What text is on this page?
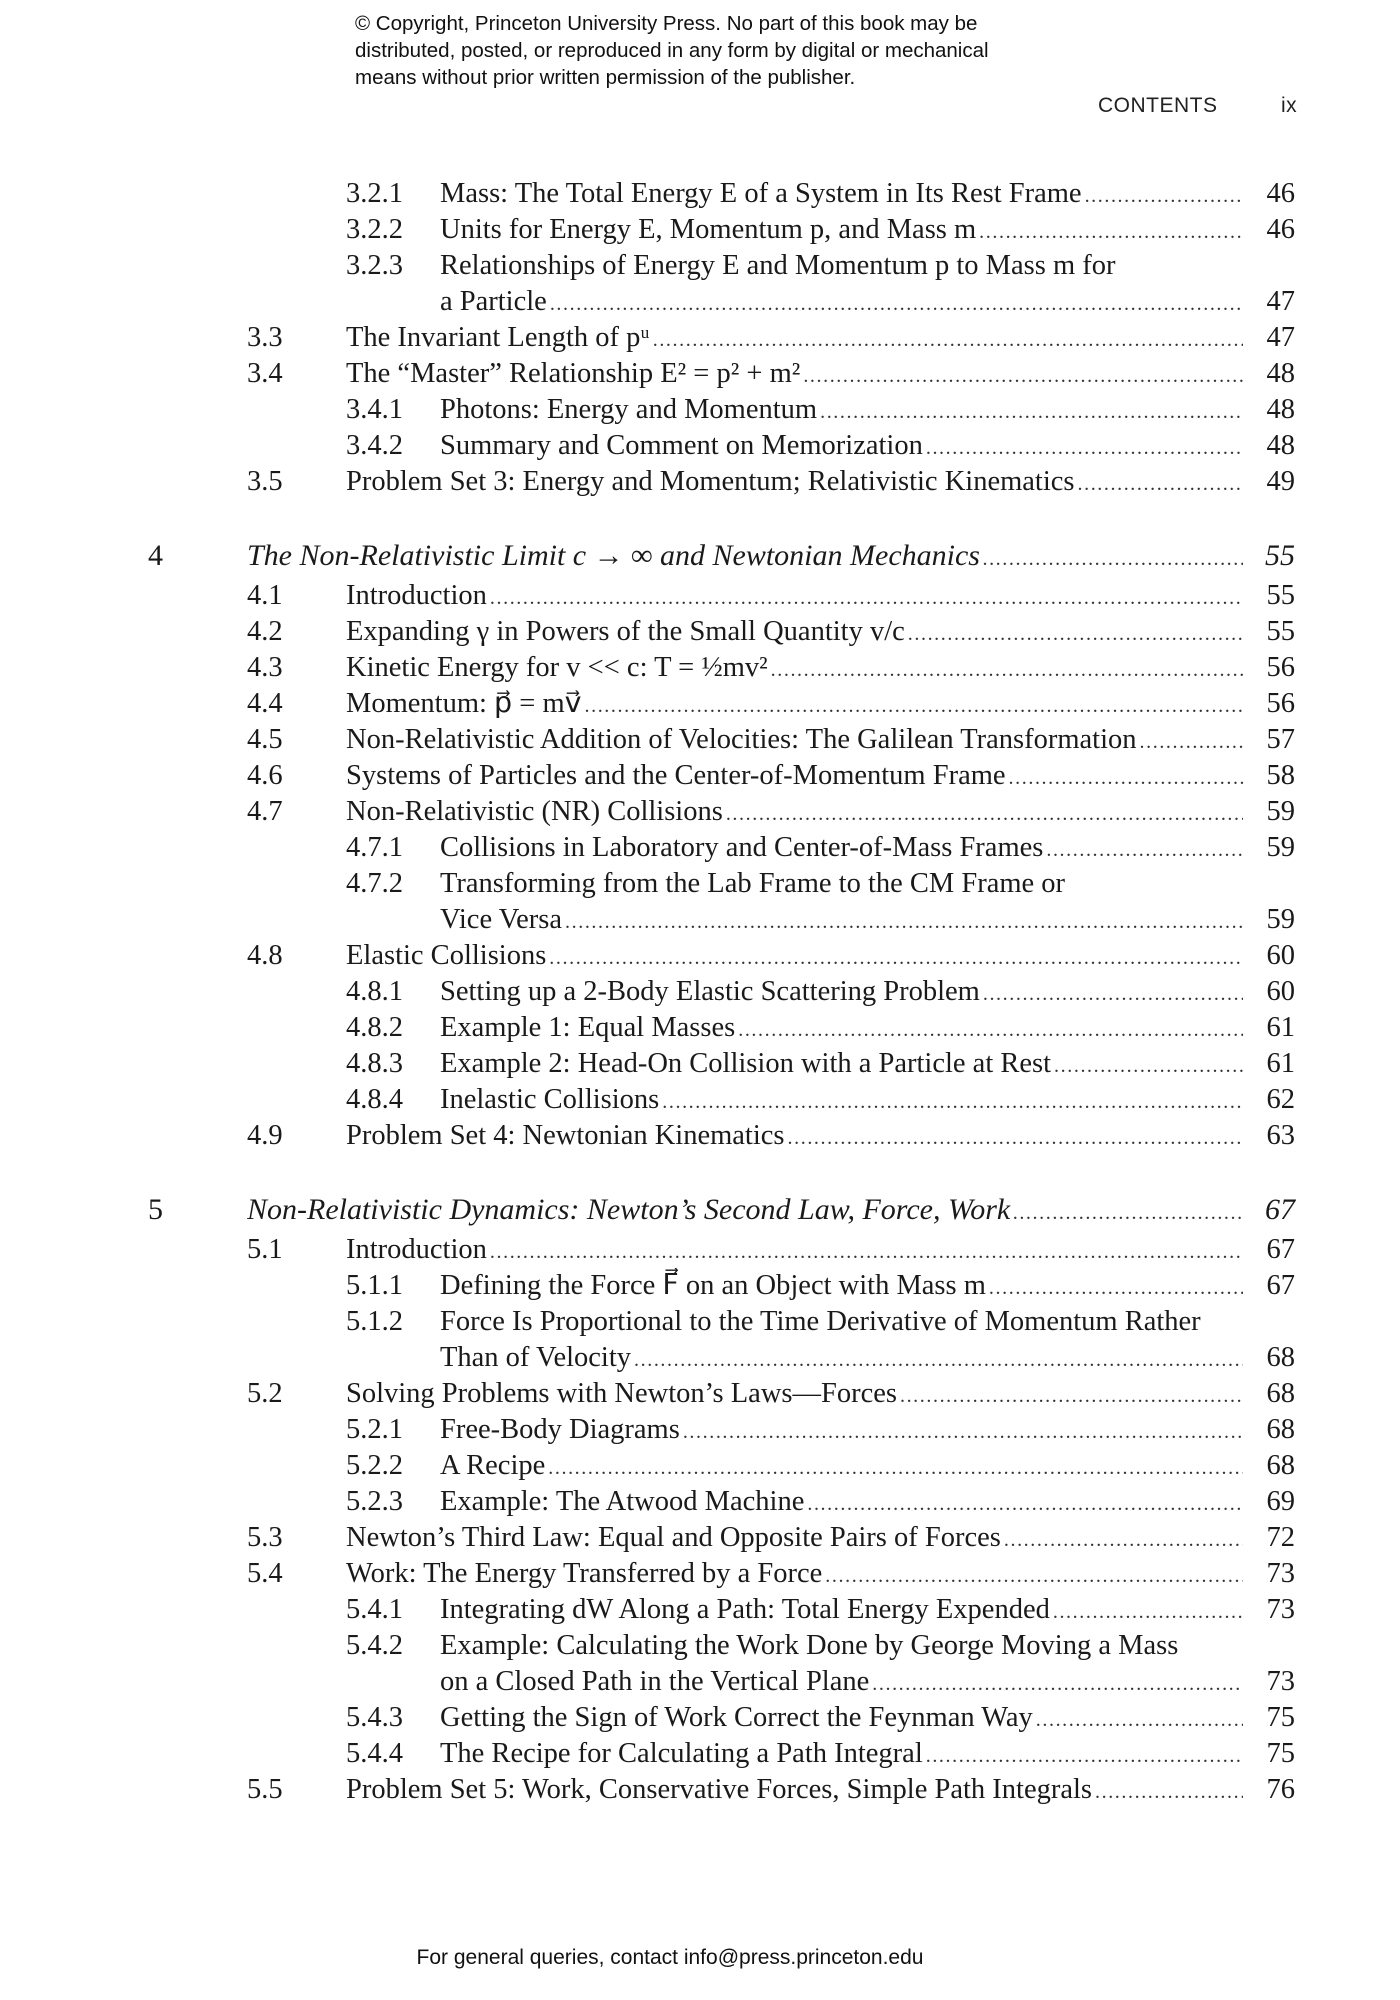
© Copyright, Princeton University Press. No part of this book may be
distributed, posted, or reproduced in any form by digital or mechanical
means without prior written permission of the publisher.
CONTENTS	ix
3.2.1 Mass: The Total Energy E of a System in Its Rest Frame .....	46
3.2.2 Units for Energy E, Momentum p, and Mass m .....	46
3.2.3 Relationships of Energy E and Momentum p to Mass m for
a Particle .....	47
3.3 The Invariant Length of pᵘ .....	47
3.4 The “Master” Relationship E² = p² + m² .....	48
3.4.1 Photons: Energy and Momentum .....	48
3.4.2 Summary and Comment on Memorization .....	48
3.5 Problem Set 3: Energy and Momentum; Relativistic Kinematics .....	49
4	The Non-Relativistic Limit c → ∞ and Newtonian Mechanics .....	55
4.1 Introduction .....	55
4.2 Expanding γ in Powers of the Small Quantity v/c .....	55
4.3 Kinetic Energy for v << c: T = ½mv² .....	56
4.4 Momentum: p⃗ = mv⃗ .....	56
4.5 Non-Relativistic Addition of Velocities: The Galilean Transformation .....	57
4.6 Systems of Particles and the Center-of-Momentum Frame .....	58
4.7 Non-Relativistic (NR) Collisions .....	59
4.7.1 Collisions in Laboratory and Center-of-Mass Frames .....	59
4.7.2 Transforming from the Lab Frame to the CM Frame or
Vice Versa .....	59
4.8 Elastic Collisions .....	60
4.8.1 Setting up a 2-Body Elastic Scattering Problem .....	60
4.8.2 Example 1: Equal Masses .....	61
4.8.3 Example 2: Head-On Collision with a Particle at Rest .....	61
4.8.4 Inelastic Collisions .....	62
4.9 Problem Set 4: Newtonian Kinematics .....	63
5	Non-Relativistic Dynamics: Newton’s Second Law, Force, Work .....	67
5.1 Introduction .....	67
5.1.1 Defining the Force F⃗ on an Object with Mass m .....	67
5.1.2 Force Is Proportional to the Time Derivative of Momentum Rather
Than of Velocity .....	68
5.2 Solving Problems with Newton’s Laws—Forces .....	68
5.2.1 Free-Body Diagrams .....	68
5.2.2 A Recipe .....	68
5.2.3 Example: The Atwood Machine .....	69
5.3 Newton’s Third Law: Equal and Opposite Pairs of Forces .....	72
5.4 Work: The Energy Transferred by a Force .....	73
5.4.1 Integrating dW Along a Path: Total Energy Expended .....	73
5.4.2 Example: Calculating the Work Done by George Moving a Mass
on a Closed Path in the Vertical Plane .....	73
5.4.3 Getting the Sign of Work Correct the Feynman Way .....	75
5.4.4 The Recipe for Calculating a Path Integral .....	75
5.5 Problem Set 5: Work, Conservative Forces, Simple Path Integrals .....	76
For general queries, contact info@press.princeton.edu
